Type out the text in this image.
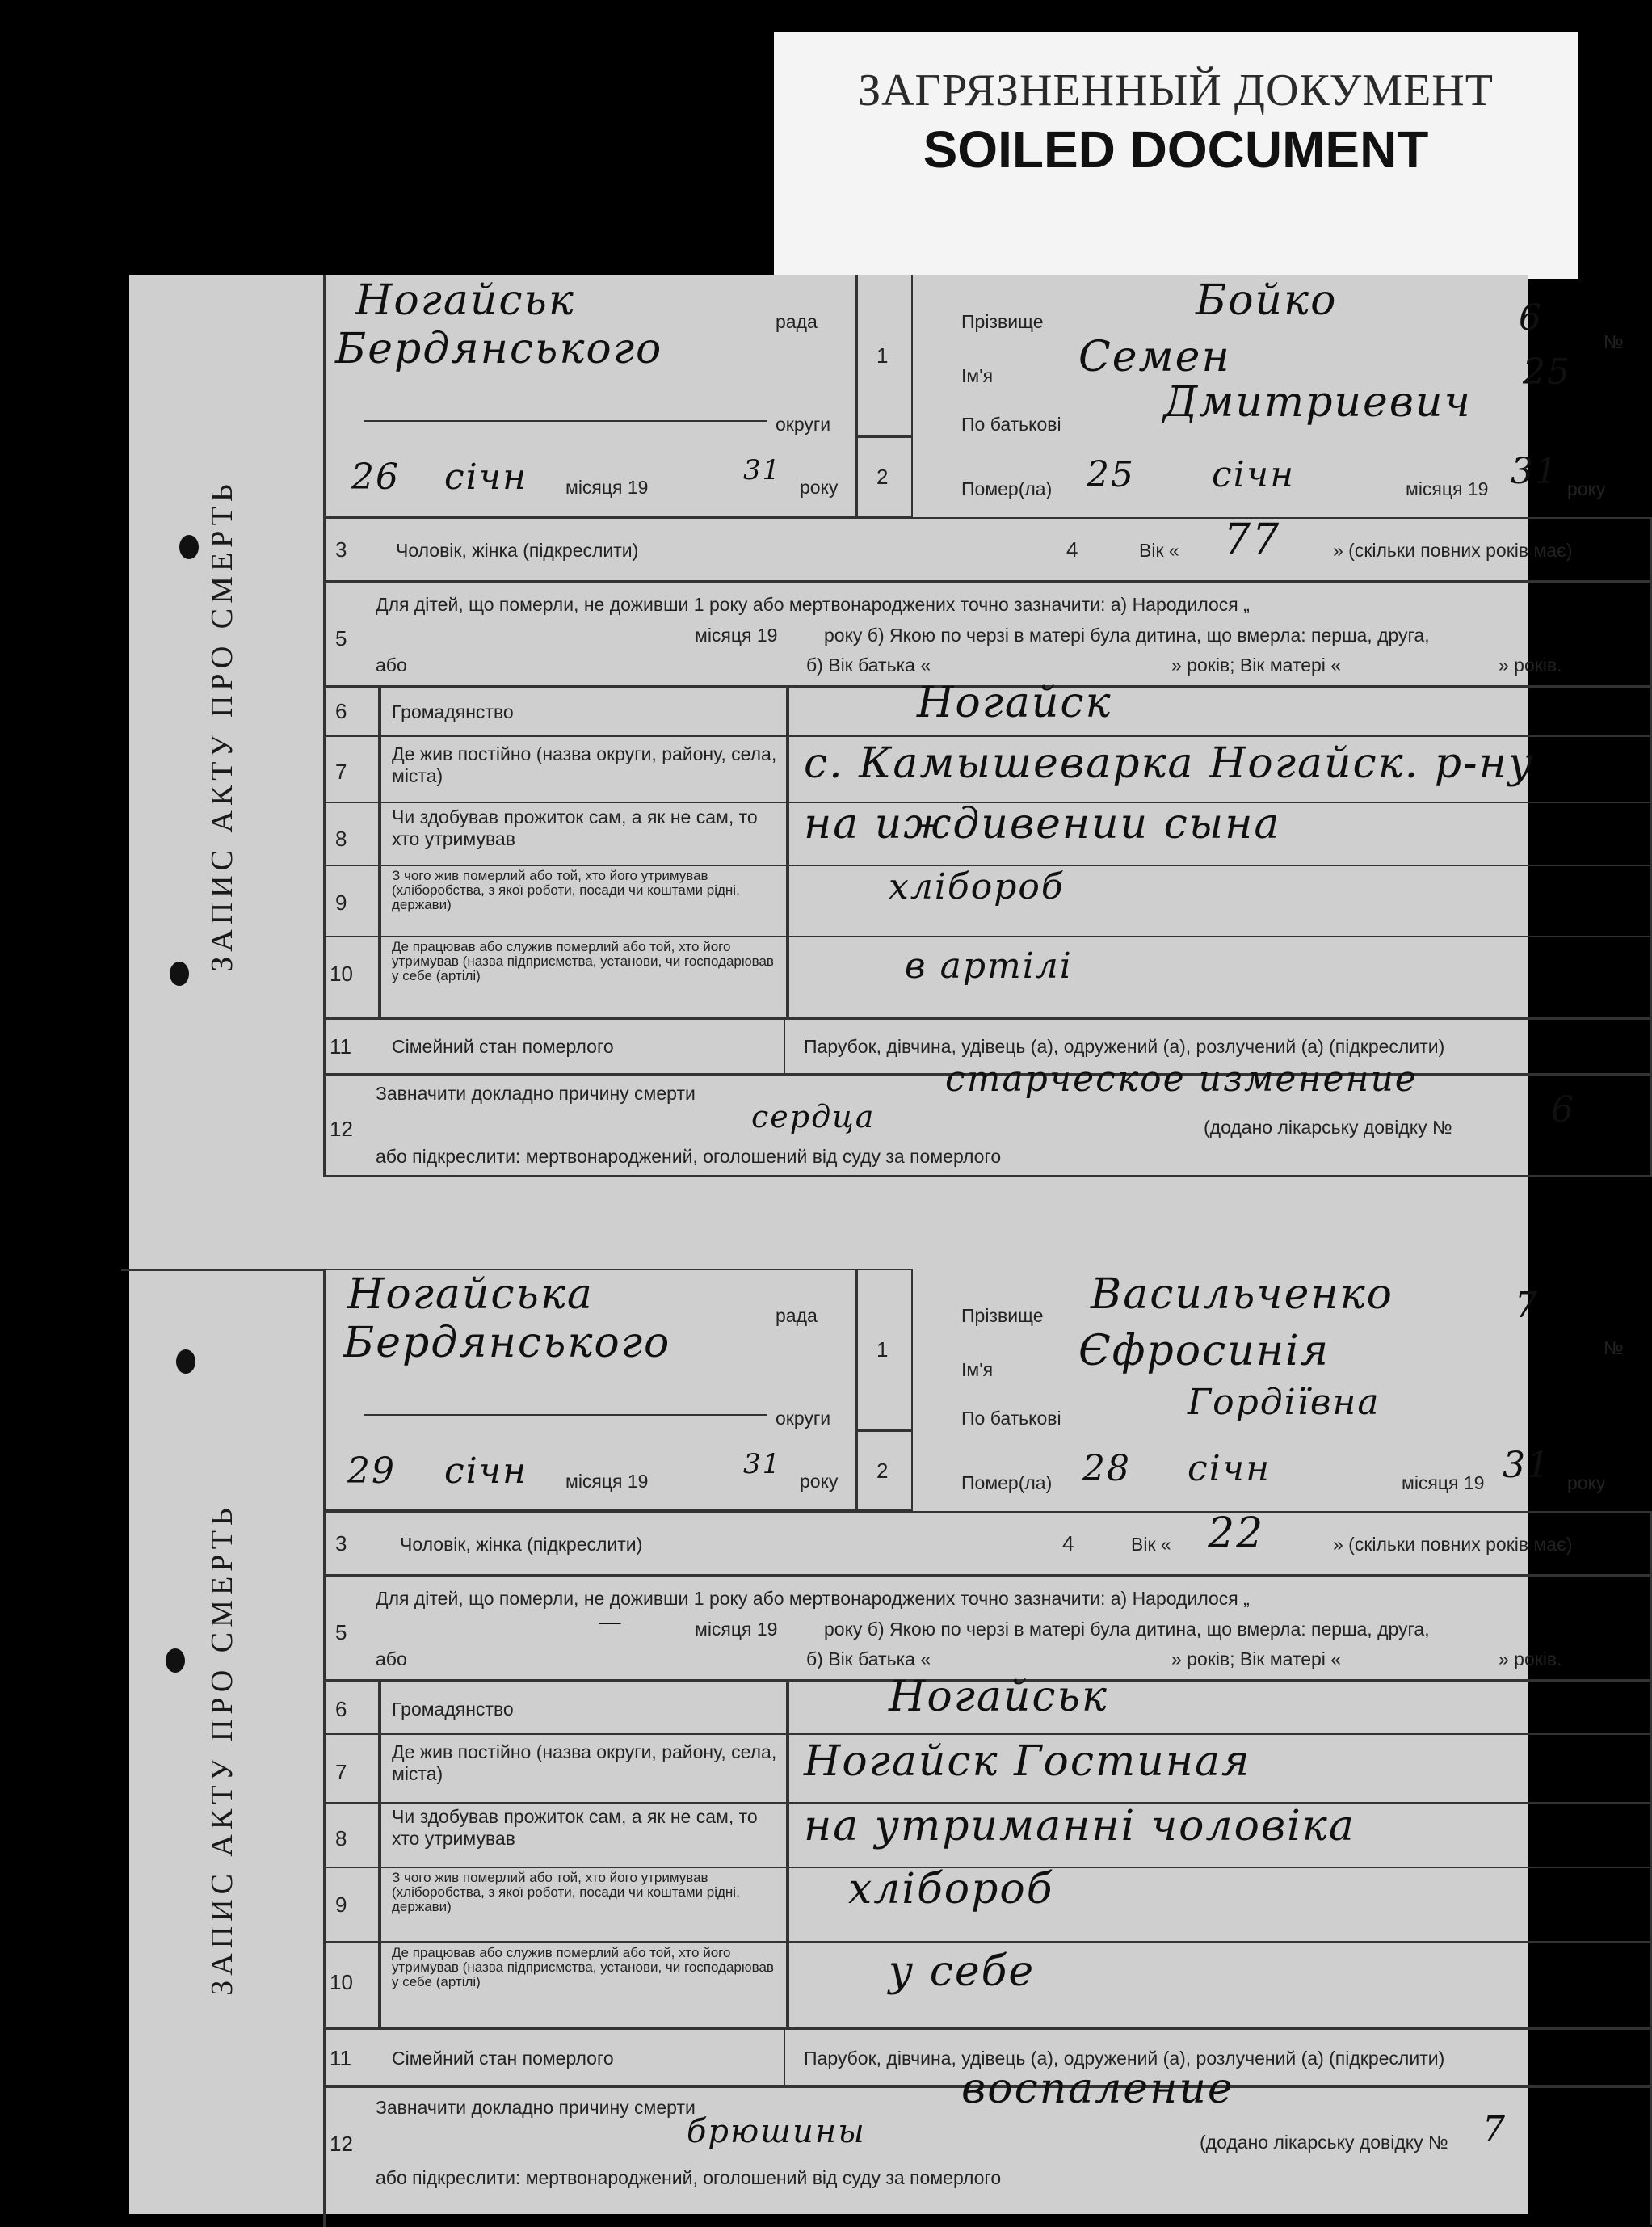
ЗАГРЯЗНЕННЫЙ ДОКУМЕНТ
SOILED DOCUMENT
ЗАПИС АКТУ ПРО СМЕРТЬ
Ногайськ	рада
Бердянського
округи
26 січн місяця 19
31
року
1
2
Прізвище	Бойко	6
№
Ім'я Семен	25
По батькові Дмитриевич
Помер(ла) 25 січн	місяця 19 31 року
3	Чоловік, жінка (підкреслити)	4	Вік « 77	» (скільки повних років має)
5
Для дітей, що померли, не доживши 1 року або мертвонароджених точно зазначити: а) Народилося „
місяця 19	року б) Якою по черзі в матері була дитина, що вмерла: перша, друга,
або	б) Вік батька «	» років; Вік матері «	» років.
6 Громадянство	Ногайск
7
Де жив постійно (назва округи, району, села, міста)	с. Камышеварка Ногайск. р-ну
8
Чи здобував прожиток сам, а як не сам, то хто утримував	на иждивении сына
9
З чого жив померлий або той, хто його утримував (хліборобства, з якої роботи, посади чи коштами рідні, держави)	хлібороб
10
Де працював або служив померлий або той, хто його утримував (назва підприємства, установи, чи господарював у себе (артілі)	в артілі
11 Сімейний стан померлого	Парубок, дівчина, удівець (а), одружений (а), розлучений (а) (підкреслити)
12
Завначити докладно причину смерти	старческое изменение
сердца	(додано лікарську довідку №	6
або підкреслити: мертвонароджений, оголошений від суду за померлого
ЗАПИС АКТУ ПРО СМЕРТЬ
Ногайська	рада
Бердянського
округи
29 січн місяця 19
31
року
1
2
Прізвище Васильченко	7
№
Ім'я Єфросинія
По батькові	Гордіївна
Помер(ла) 28 січн	місяця 19 31 року
3	Чоловік, жінка (підкреслити)	4	Вік « 22	» (скільки повних років має)
5
Для дітей, що померли, не доживши 1 року або мертвонароджених точно зазначити: а) Народилося „
місяця 19	року б) Якою по черзі в матері була дитина, що вмерла: перша, друга,
або	б) Вік батька «	» років; Вік матері «	» років.
—
6 Громадянство	Ногайськ
7
Де жив постійно (назва округи, району, села, міста)	Ногайск Гостиная
8
Чи здобував прожиток сам, а як не сам, то хто утримував	на утриманні чоловіка
9
З чого жив померлий або той, хто його утримував (хліборобства, з якої роботи, посади чи коштами рідні, держави)	хлібороб
10
Де працював або служив померлий або той, хто його утримував (назва підприємства, установи, чи господарював у себе (артілі)	у себе
11 Сімейний стан померлого	Парубок, дівчина, удівець (а), одружений (а), розлучений (а) (підкреслити)
12
Завначити докладно причину смерти	воспаление
брюшины	(додано лікарську довідку № 7
або підкреслити: мертвонароджений, оголошений від суду за померлого
